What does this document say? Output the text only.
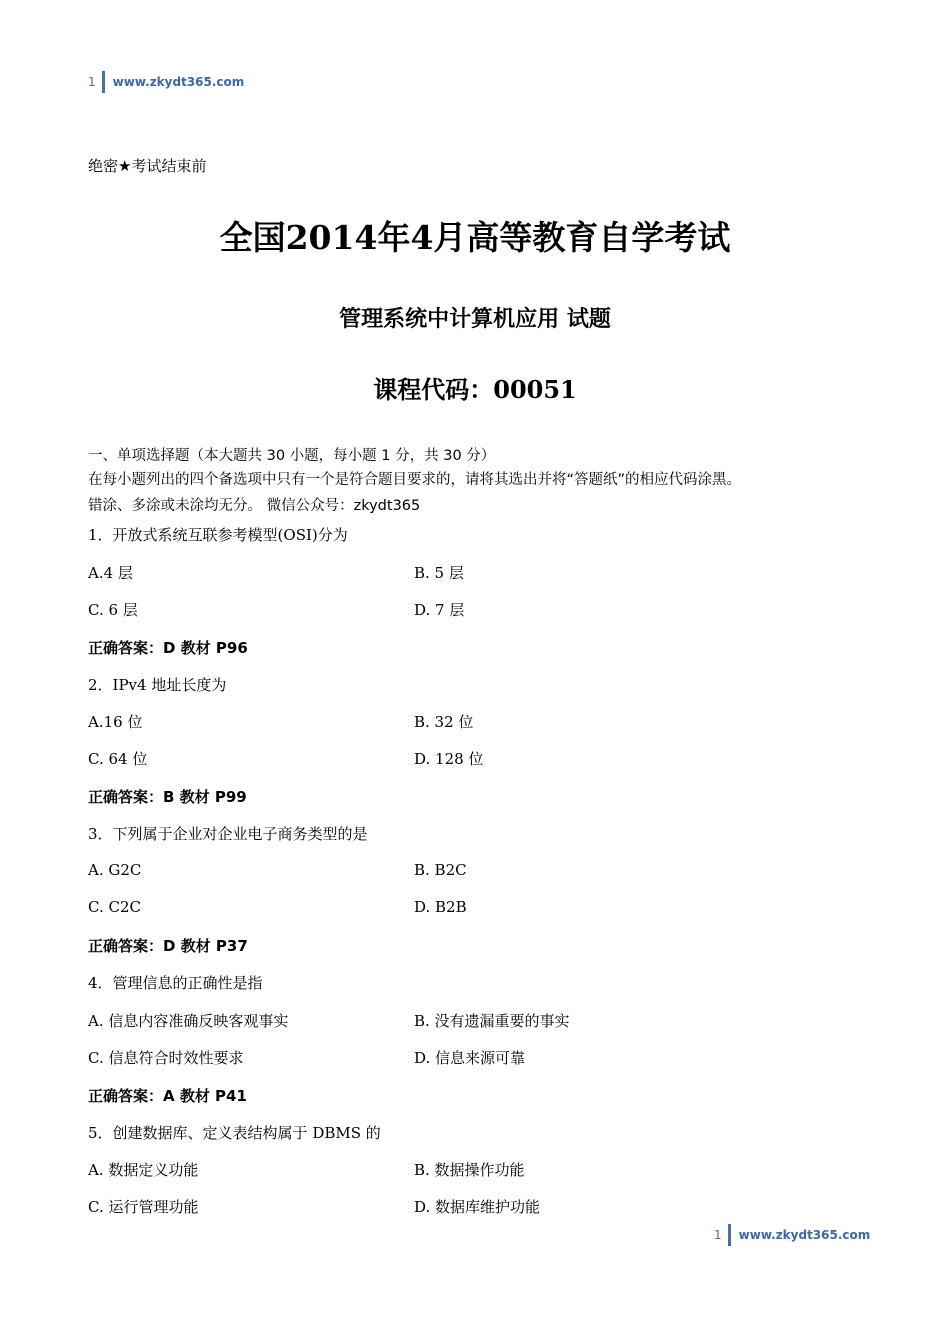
1 www.zkydt365.com
绝密★考试结束前
全国2014年4月高等教育自学考试
管理系统中计算机应用 试题
课程代码：00051
一、单项选择题（本大题共 30 小题，每小题 1 分，共 30 分）
在每小题列出的四个备选项中只有一个是符合题目要求的，请将其选出并将“答题纸”的相应代码涂黑。
错涂、多涂或未涂均无分。 微信公众号：zkydt365
1．开放式系统互联参考模型(OSI)分为
A.4 层	B. 5 层
C. 6 层	D. 7 层
正确答案：D 教材 P96
2．IPv4 地址长度为
A.16 位	B. 32 位
C. 64 位	D. 128 位
正确答案：B 教材 P99
3．下列属于企业对企业电子商务类型的是
A. G2C	B. B2C
C. C2C	D. B2B
正确答案：D 教材 P37
4．管理信息的正确性是指
A. 信息内容准确反映客观事实	B. 没有遗漏重要的事实
C. 信息符合时效性要求	D. 信息来源可靠
正确答案：A 教材 P41
5．创建数据库、定义表结构属于 DBMS 的
A. 数据定义功能	B. 数据操作功能
C. 运行管理功能	D. 数据库维护功能
1 www.zkydt365.com
